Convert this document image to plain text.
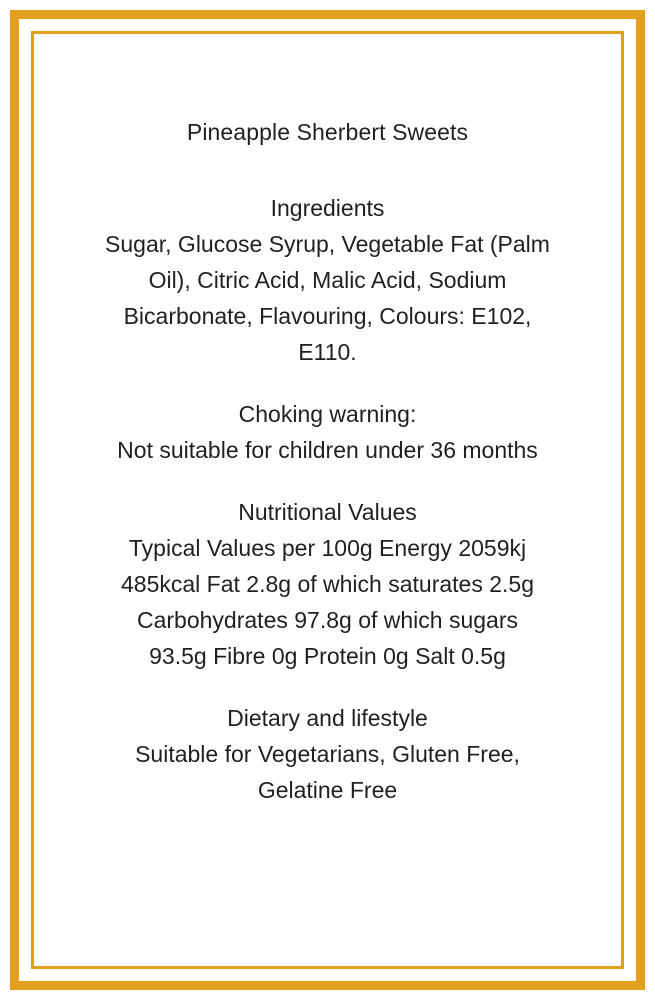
Pineapple Sherbert Sweets

Ingredients

Sugar, Glucose Syrup, Vegetable Fat (Palm
Oil), Citric Acid, Malic Acid, Sodium
Bicarbonate, Flavouring, Colours: E102,
E110.

Choking warning:

Not suitable for children under 36 months

Nutritional Values

Typical Values per 100g Energy 2059kj
485kcal Fat 2.8g of which saturates 2.5g
Carbohydrates 97.8g of which sugars
93.5g Fibre 0g Protein 0g Salt 0.5g

Dietary and lifestyle

Suitable for Vegetarians, Gluten Free,
Gelatine Free
